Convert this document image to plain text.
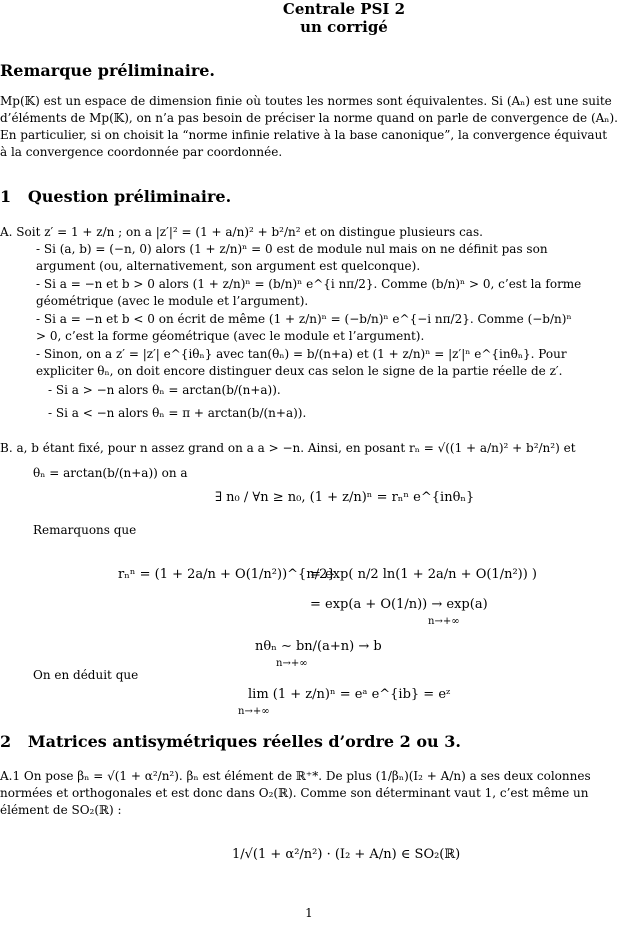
Centrale PSI 2
un corrigé
Remarque préliminaire.
Mp(𝕂) est un espace de dimension finie où toutes les normes sont équivalentes. Si (Aₙ) est une suite d’éléments de Mp(𝕂), on n’a pas besoin de préciser la norme quand on parle de convergence de (Aₙ). En particulier, si on choisit la “norme infinie relative à la base canonique”, la convergence équivaut à la convergence coordonnée par coordonnée.
1 Question préliminaire.
A. Soit z′ = 1 + z/n ; on a |z′|² = (1 + a/n)² + b²/n² et on distingue plusieurs cas.
- Si (a, b) = (−n, 0) alors (1 + z/n)ⁿ = 0 est de module nul mais on ne définit pas son argument (ou, alternativement, son argument est quelconque).
- Si a = −n et b > 0 alors (1 + z/n)ⁿ = (b/n)ⁿ e^{i nπ/2}. Comme (b/n)ⁿ > 0, c’est la forme géométrique (avec le module et l’argument).
- Si a = −n et b < 0 on écrit de même (1 + z/n)ⁿ = (−b/n)ⁿ e^{−i nπ/2}. Comme (−b/n)ⁿ > 0, c’est la forme géométrique (avec le module et l’argument).
- Sinon, on a z′ = |z′| e^{iθₙ} avec tan(θₙ) = b/(n+a) et (1 + z/n)ⁿ = |z′|ⁿ e^{inθₙ}. Pour expliciter θₙ, on doit encore distinguer deux cas selon le signe de la partie réelle de z′.
- Si a > −n alors θₙ = arctan(b/(n+a)).
- Si a < −n alors θₙ = π + arctan(b/(n+a)).
B. a, b étant fixé, pour n assez grand on a a > −n. Ainsi, en posant rₙ = √((1 + a/n)² + b²/n²) et
θₙ = arctan(b/(n+a)) on a
∃ n₀ / ∀n ≥ n₀, (1 + z/n)ⁿ = rₙⁿ e^{inθₙ}
Remarquons que
rₙⁿ = (1 + 2a/n + O(1/n²))^{n/2}
= exp( n/2 ln(1 + 2a/n + O(1/n²)) )
= exp(a + O(1/n)) → exp(a)
n→+∞
nθₙ ∼ bn/(a+n) → b
n→+∞
On en déduit que
lim (1 + z/n)ⁿ = eᵃ e^{ib} = eᶻ
n→+∞
2 Matrices antisymétriques réelles d’ordre 2 ou 3.
A.1 On pose βₙ = √(1 + α²/n²). βₙ est élément de ℝ⁺*. De plus (1/βₙ)(I₂ + A/n) a ses deux colonnes normées et orthogonales et est donc dans O₂(ℝ). Comme son déterminant vaut 1, c’est même un élément de SO₂(ℝ) :
1/√(1 + α²/n²) · (I₂ + A/n) ∈ SO₂(ℝ)
1
